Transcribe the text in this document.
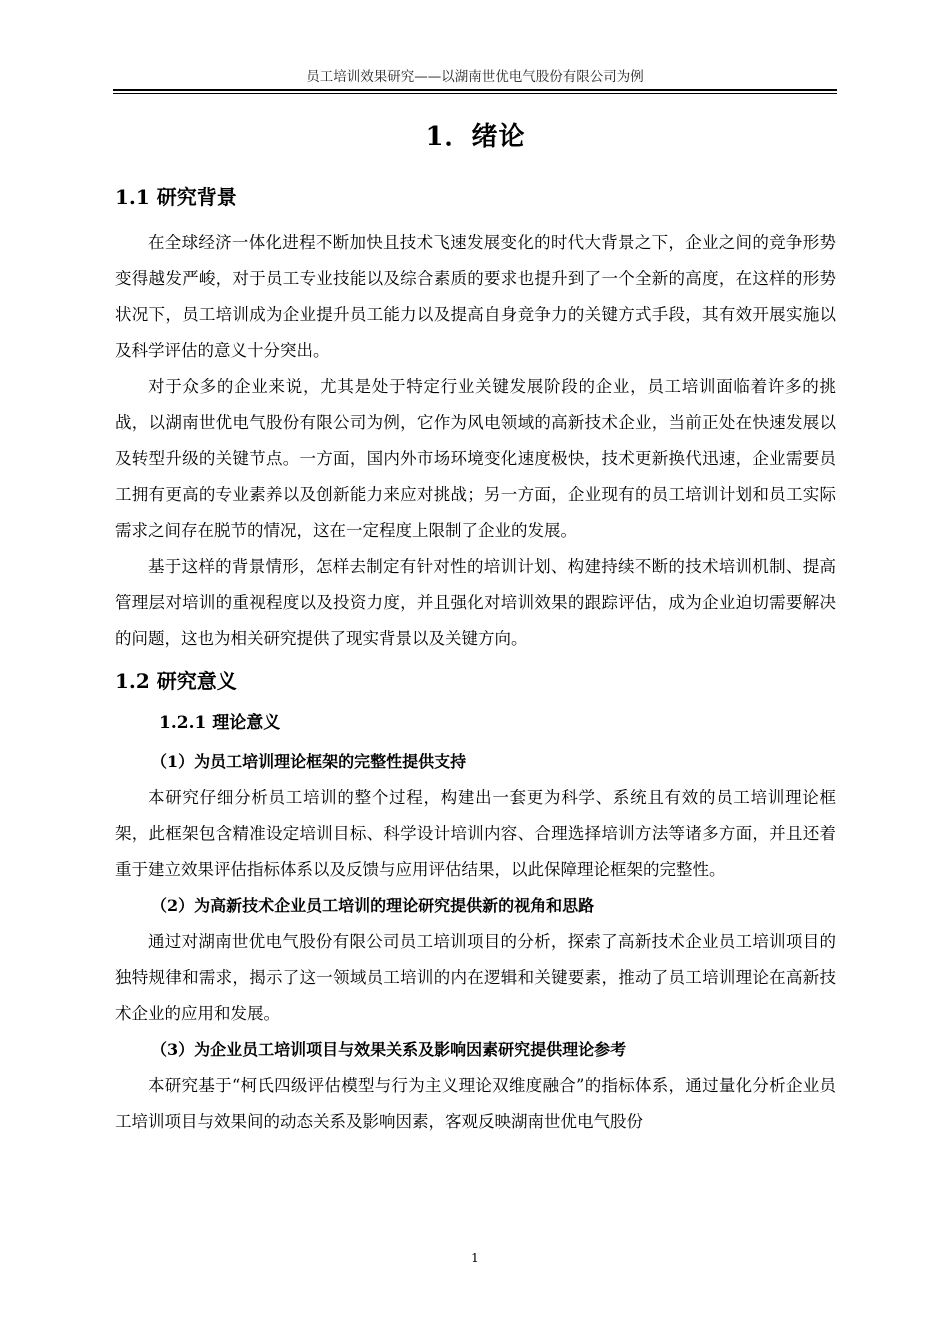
员工培训效果研究——以湖南世优电气股份有限公司为例
1．绪论
1.1 研究背景

在全球经济一体化进程不断加快且技术飞速发展变化的时代大背景之下，企业之间的竞争形势变得越发严峻，对于员工专业技能以及综合素质的要求也提升到了一个全新的高度，在这样的形势状况下，员工培训成为企业提升员工能力以及提高自身竞争力的关键方式手段，其有效开展实施以及科学评估的意义十分突出。

对于众多的企业来说，尤其是处于特定行业关键发展阶段的企业，员工培训面临着许多的挑战，以湖南世优电气股份有限公司为例，它作为风电领域的高新技术企业，当前正处在快速发展以及转型升级的关键节点。一方面，国内外市场环境变化速度极快，技术更新换代迅速，企业需要员工拥有更高的专业素养以及创新能力来应对挑战；另一方面，企业现有的员工培训计划和员工实际需求之间存在脱节的情况，这在一定程度上限制了企业的发展。

基于这样的背景情形，怎样去制定有针对性的培训计划、构建持续不断的技术培训机制、提高管理层对培训的重视程度以及投资力度，并且强化对培训效果的跟踪评估，成为企业迫切需要解决的问题，这也为相关研究提供了现实背景以及关键方向。

1.2 研究意义
1.2.1 理论意义
（1）为员工培训理论框架的完整性提供支持

本研究仔细分析员工培训的整个过程，构建出一套更为科学、系统且有效的员工培训理论框架，此框架包含精准设定培训目标、科学设计培训内容、合理选择培训方法等诸多方面，并且还着重于建立效果评估指标体系以及反馈与应用评估结果，以此保障理论框架的完整性。

（2）为高新技术企业员工培训的理论研究提供新的视角和思路

通过对湖南世优电气股份有限公司员工培训项目的分析，探索了高新技术企业员工培训项目的独特规律和需求，揭示了这一领域员工培训的内在逻辑和关键要素，推动了员工培训理论在高新技术企业的应用和发展。

（3）为企业员工培训项目与效果关系及影响因素研究提供理论参考

本研究基于“柯氏四级评估模型与行为主义理论双维度融合”的指标体系，通过量化分析企业员工培训项目与效果间的动态关系及影响因素，客观反映湖南世优电气股份

1
